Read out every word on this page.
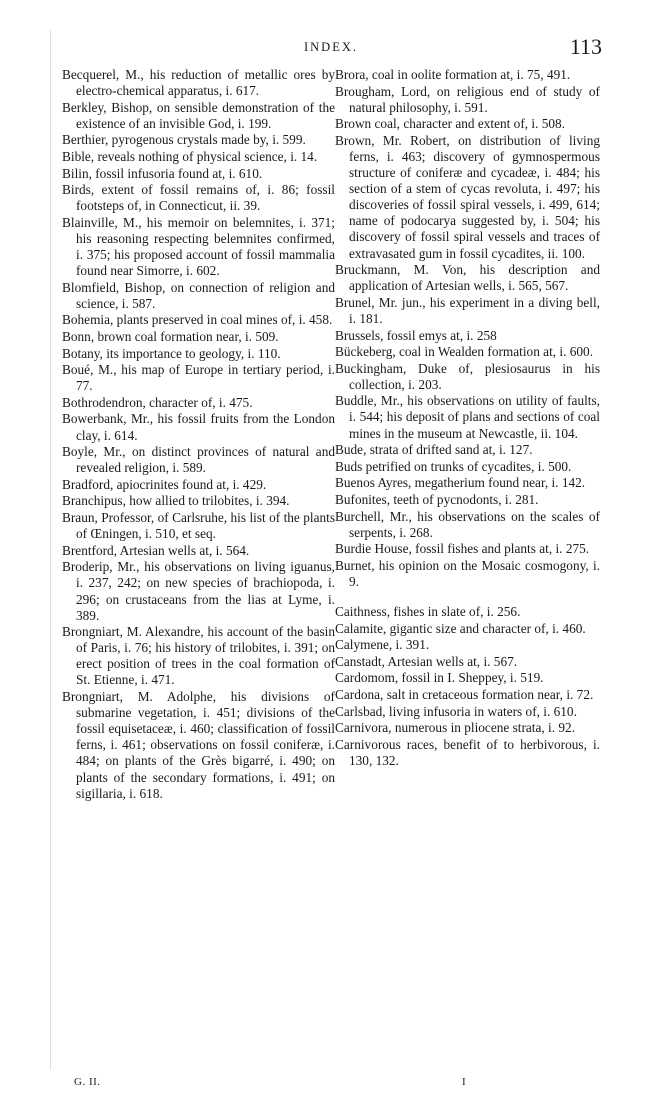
INDEX.	113

Becquerel, M., his reduction of metallic ores by electro-chemical apparatus, i. 617.

Berkley, Bishop, on sensible demonstration of the existence of an invisible God, i. 199.

Berthier, pyrogenous crystals made by, i. 599.

Bible, reveals nothing of physical science, i. 14.

Bilin, fossil infusoria found at, i. 610.

Birds, extent of fossil remains of, i. 86; fossil footsteps of, in Connecticut, ii. 39.

Blainville, M., his memoir on belemnites, i. 371; his reasoning respecting belemnites confirmed, i. 375; his proposed account of fossil mammalia found near Simorre, i. 602.

Blomfield, Bishop, on connection of religion and science, i. 587.

Bohemia, plants preserved in coal mines of, i. 458.

Bonn, brown coal formation near, i. 509.

Botany, its importance to geology, i. 110.

Boué, M., his map of Europe in tertiary period, i. 77.

Bothrodendron, character of, i. 475.

Bowerbank, Mr., his fossil fruits from the London clay, i. 614.

Boyle, Mr., on distinct provinces of natural and revealed religion, i. 589.

Bradford, apiocrinites found at, i. 429.

Branchipus, how allied to trilobites, i. 394.

Braun, Professor, of Carlsruhe, his list of the plants of Œningen, i. 510, et seq.

Brentford, Artesian wells at, i. 564.

Broderip, Mr., his observations on living iguanus, i. 237, 242; on new species of brachiopoda, i. 296; on crustaceans from the lias at Lyme, i. 389.

Brongniart, M. Alexandre, his account of the basin of Paris, i. 76; his history of trilobites, i. 391; on erect position of trees in the coal formation of St. Etienne, i. 471.

Brongniart, M. Adolphe, his divisions of submarine vegetation, i. 451; divisions of the fossil equisetaceæ, i. 460; classification of fossil ferns, i. 461; observations on fossil coniferæ, i. 484; on plants of the Grès bigarré, i. 490; on plants of the secondary formations, i. 491; on sigillaria, i. 618.

Brora, coal in oolite formation at, i. 75, 491.

Brougham, Lord, on religious end of study of natural philosophy, i. 591.

Brown coal, character and extent of, i. 508.

Brown, Mr. Robert, on distribution of living ferns, i. 463; discovery of gymnospermous structure of coniferæ and cycadeæ, i. 484; his section of a stem of cycas revoluta, i. 497; his discoveries of fossil spiral vessels, i. 499, 614; name of podocarya suggested by, i. 504; his discovery of fossil spiral vessels and traces of extravasated gum in fossil cycadites, ii. 100.

Bruckmann, M. Von, his description and application of Artesian wells, i. 565, 567.

Brunel, Mr. jun., his experiment in a diving bell, i. 181.

Brussels, fossil emys at, i. 258

Bückeberg, coal in Wealden formation at, i. 600.

Buckingham, Duke of, plesiosaurus in his collection, i. 203.

Buddle, Mr., his observations on utility of faults, i. 544; his deposit of plans and sections of coal mines in the museum at Newcastle, ii. 104.

Bude, strata of drifted sand at, i. 127.

Buds petrified on trunks of cycadites, i. 500.

Buenos Ayres, megatherium found near, i. 142.

Bufonites, teeth of pycnodonts, i. 281.

Burchell, Mr., his observations on the scales of serpents, i. 268.

Burdie House, fossil fishes and plants at, i. 275.

Burnet, his opinion on the Mosaic cosmogony, i. 9.

Caithness, fishes in slate of, i. 256.

Calamite, gigantic size and character of, i. 460.

Calymene, i. 391.

Canstadt, Artesian wells at, i. 567.

Cardomom, fossil in I. Sheppey, i. 519.

Cardona, salt in cretaceous formation near, i. 72.

Carlsbad, living infusoria in waters of, i. 610.

Carnivora, numerous in pliocene strata, i. 92.

Carnivorous races, benefit of to herbivorous, i. 130, 132.

G. II.	I
